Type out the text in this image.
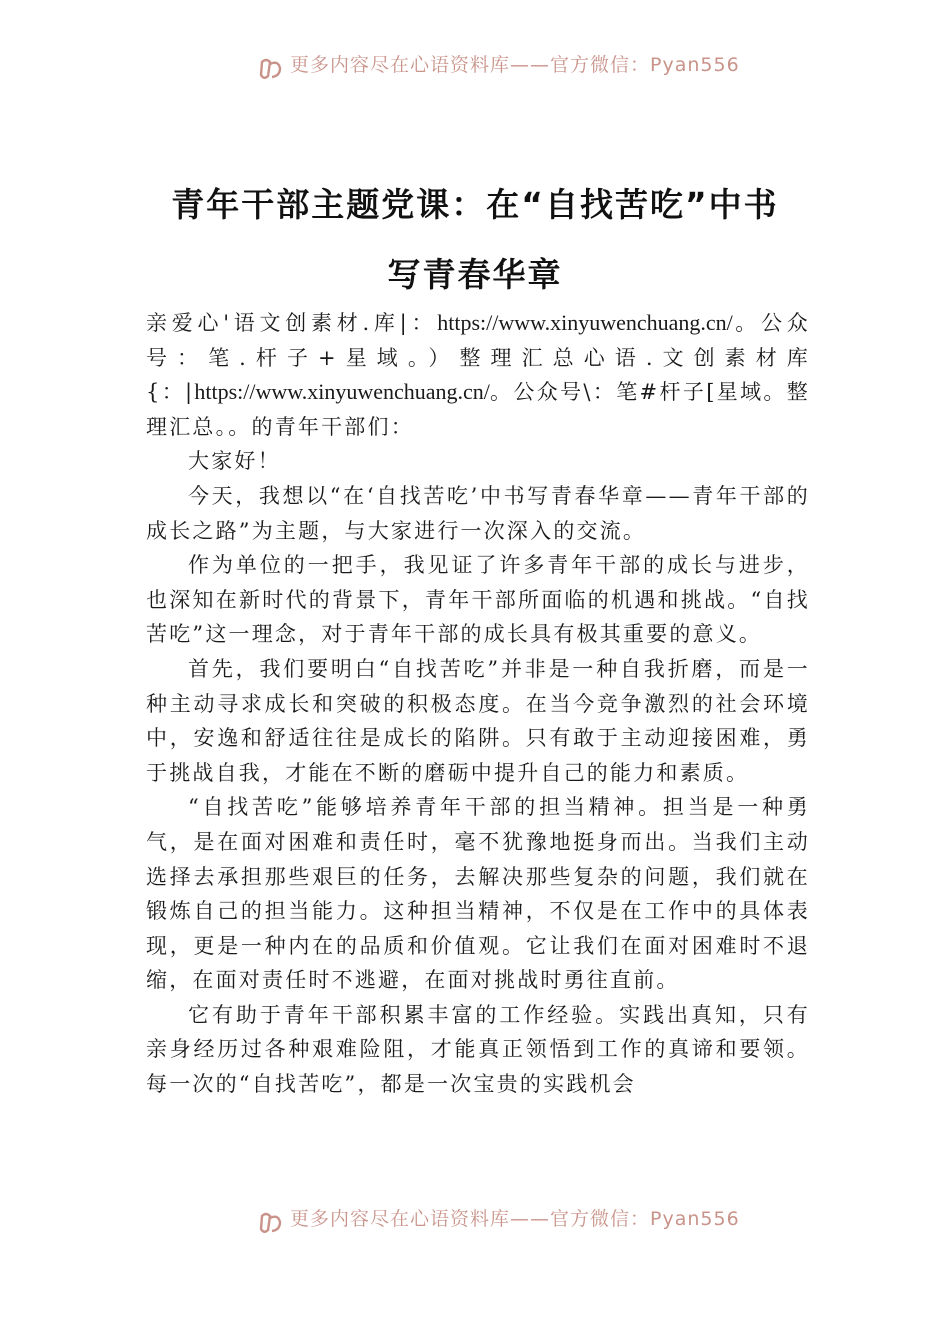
更多内容尽在心语资料库——官方微信：Pyan556
青年干部主题党课：在“自找苦吃”中书
写青春华章

亲爱心'语文创素材.库|：https://www.xinyuwenchuang.cn/。公众号：笔.杆子+星域。）整理汇总心语.文创素材库{：|https://www.xinyuwenchuang.cn/。公众号\：笔#杆子[星域。整理汇总。。的青年干部们：

大家好！

今天，我想以“在‘自找苦吃’中书写青春华章——青年干部的成长之路”为主题，与大家进行一次深入的交流。

作为单位的一把手，我见证了许多青年干部的成长与进步，也深知在新时代的背景下，青年干部所面临的机遇和挑战。“自找苦吃”这一理念，对于青年干部的成长具有极其重要的意义。

首先，我们要明白“自找苦吃”并非是一种自我折磨，而是一种主动寻求成长和突破的积极态度。在当今竞争激烈的社会环境中，安逸和舒适往往是成长的陷阱。只有敢于主动迎接困难，勇于挑战自我，才能在不断的磨砺中提升自己的能力和素质。

“自找苦吃”能够培养青年干部的担当精神。担当是一种勇气，是在面对困难和责任时，毫不犹豫地挺身而出。当我们主动选择去承担那些艰巨的任务，去解决那些复杂的问题，我们就在锻炼自己的担当能力。这种担当精神，不仅是在工作中的具体表现，更是一种内在的品质和价值观。它让我们在面对困难时不退缩，在面对责任时不逃避，在面对挑战时勇往直前。

它有助于青年干部积累丰富的工作经验。实践出真知，只有亲身经历过各种艰难险阻，才能真正领悟到工作的真谛和要领。每一次的“自找苦吃”，都是一次宝贵的实践机会

更多内容尽在心语资料库——官方微信：Pyan556
